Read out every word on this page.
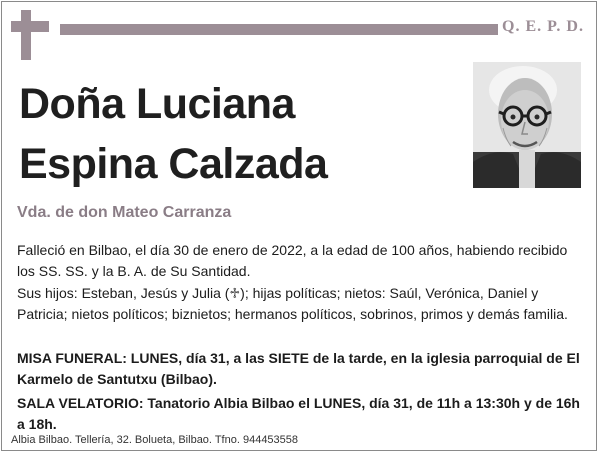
Q. E. P. D.
Doña Luciana
Espina Calzada
Vda. de don Mateo Carranza
Falleció en Bilbao, el día 30 de enero de 2022, a la edad de 100 años, habiendo recibido los SS. SS. y la B. A. de Su Santidad.
Sus hijos: Esteban, Jesús y Julia (♱); hijas políticas; nietos: Saúl, Verónica, Daniel y Patricia; nietos políticos; biznietos; hermanos políticos, sobrinos, primos y demás familia.
MISA FUNERAL: LUNES, día 31, a las SIETE de la tarde, en la iglesia parroquial de El Karmelo de Santutxu (Bilbao).
SALA VELATORIO: Tanatorio Albia Bilbao el LUNES, día 31, de 11h a 13:30h y de 16h a 18h.
Albia Bilbao. Tellería, 32. Bolueta, Bilbao. Tfno. 944453558
